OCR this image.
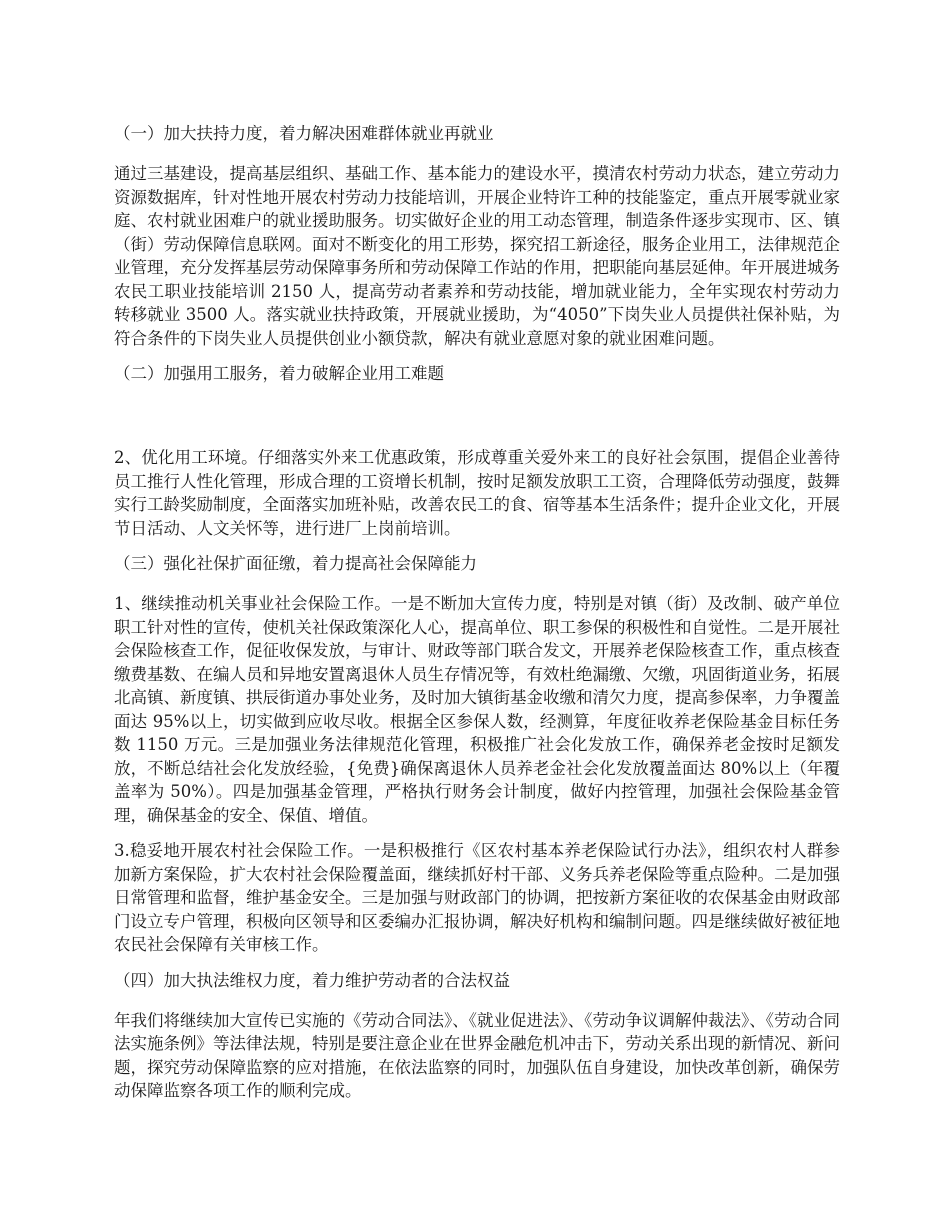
（一）加大扶持力度，着力解决困难群体就业再就业
通过三基建设，提高基层组织、基础工作、基本能力的建设水平，摸清农村劳动力状态，建立劳动力资源数据库，针对性地开展农村劳动力技能培训，开展企业特许工种的技能鉴定，重点开展零就业家庭、农村就业困难户的就业援助服务。切实做好企业的用工动态管理，制造条件逐步实现市、区、镇（街）劳动保障信息联网。面对不断变化的用工形势，探究招工新途径，服务企业用工，法律规范企业管理，充分发挥基层劳动保障事务所和劳动保障工作站的作用，把职能向基层延伸。年开展进城务农民工职业技能培训 2150 人，提高劳动者素养和劳动技能，增加就业能力，全年实现农村劳动力转移就业 3500 人。落实就业扶持政策，开展就业援助，为“4050”下岗失业人员提供社保补贴，为符合条件的下岗失业人员提供创业小额贷款，解决有就业意愿对象的就业困难问题。
（二）加强用工服务，着力破解企业用工难题
2、优化用工环境。仔细落实外来工优惠政策，形成尊重关爱外来工的良好社会氛围，提倡企业善待员工推行人性化管理，形成合理的工资增长机制，按时足额发放职工工资，合理降低劳动强度，鼓舞实行工龄奖励制度，全面落实加班补贴，改善农民工的食、宿等基本生活条件；提升企业文化，开展节日活动、人文关怀等，进行进厂上岗前培训。
（三）强化社保扩面征缴，着力提高社会保障能力
1、继续推动机关事业社会保险工作。一是不断加大宣传力度，特别是对镇（街）及改制、破产单位职工针对性的宣传，使机关社保政策深化人心，提高单位、职工参保的积极性和自觉性。二是开展社会保险核查工作，促征收保发放，与审计、财政等部门联合发文，开展养老保险核查工作，重点核查缴费基数、在编人员和异地安置离退休人员生存情况等，有效杜绝漏缴、欠缴，巩固街道业务，拓展北高镇、新度镇、拱辰街道办事处业务，及时加大镇街基金收缴和清欠力度，提高参保率，力争覆盖面达 95%以上，切实做到应收尽收。根据全区参保人数，经测算，年度征收养老保险基金目标任务数 1150 万元。三是加强业务法律规范化管理，积极推广社会化发放工作，确保养老金按时足额发放，不断总结社会化发放经验，{免费}确保离退休人员养老金社会化发放覆盖面达 80%以上（年覆盖率为 50%）。四是加强基金管理，严格执行财务会计制度，做好内控管理，加强社会保险基金管理，确保基金的安全、保值、增值。
3.稳妥地开展农村社会保险工作。一是积极推行《区农村基本养老保险试行办法》，组织农村人群参加新方案保险，扩大农村社会保险覆盖面，继续抓好村干部、义务兵养老保险等重点险种。二是加强日常管理和监督，维护基金安全。三是加强与财政部门的协调，把按新方案征收的农保基金由财政部门设立专户管理，积极向区领导和区委编办汇报协调，解决好机构和编制问题。四是继续做好被征地农民社会保障有关审核工作。
（四）加大执法维权力度，着力维护劳动者的合法权益
年我们将继续加大宣传已实施的《劳动合同法》、《就业促进法》、《劳动争议调解仲裁法》、《劳动合同法实施条例》等法律法规，特别是要注意企业在世界金融危机冲击下，劳动关系出现的新情况、新问题，探究劳动保障监察的应对措施，在依法监察的同时，加强队伍自身建设，加快改革创新，确保劳动保障监察各项工作的顺利完成。
